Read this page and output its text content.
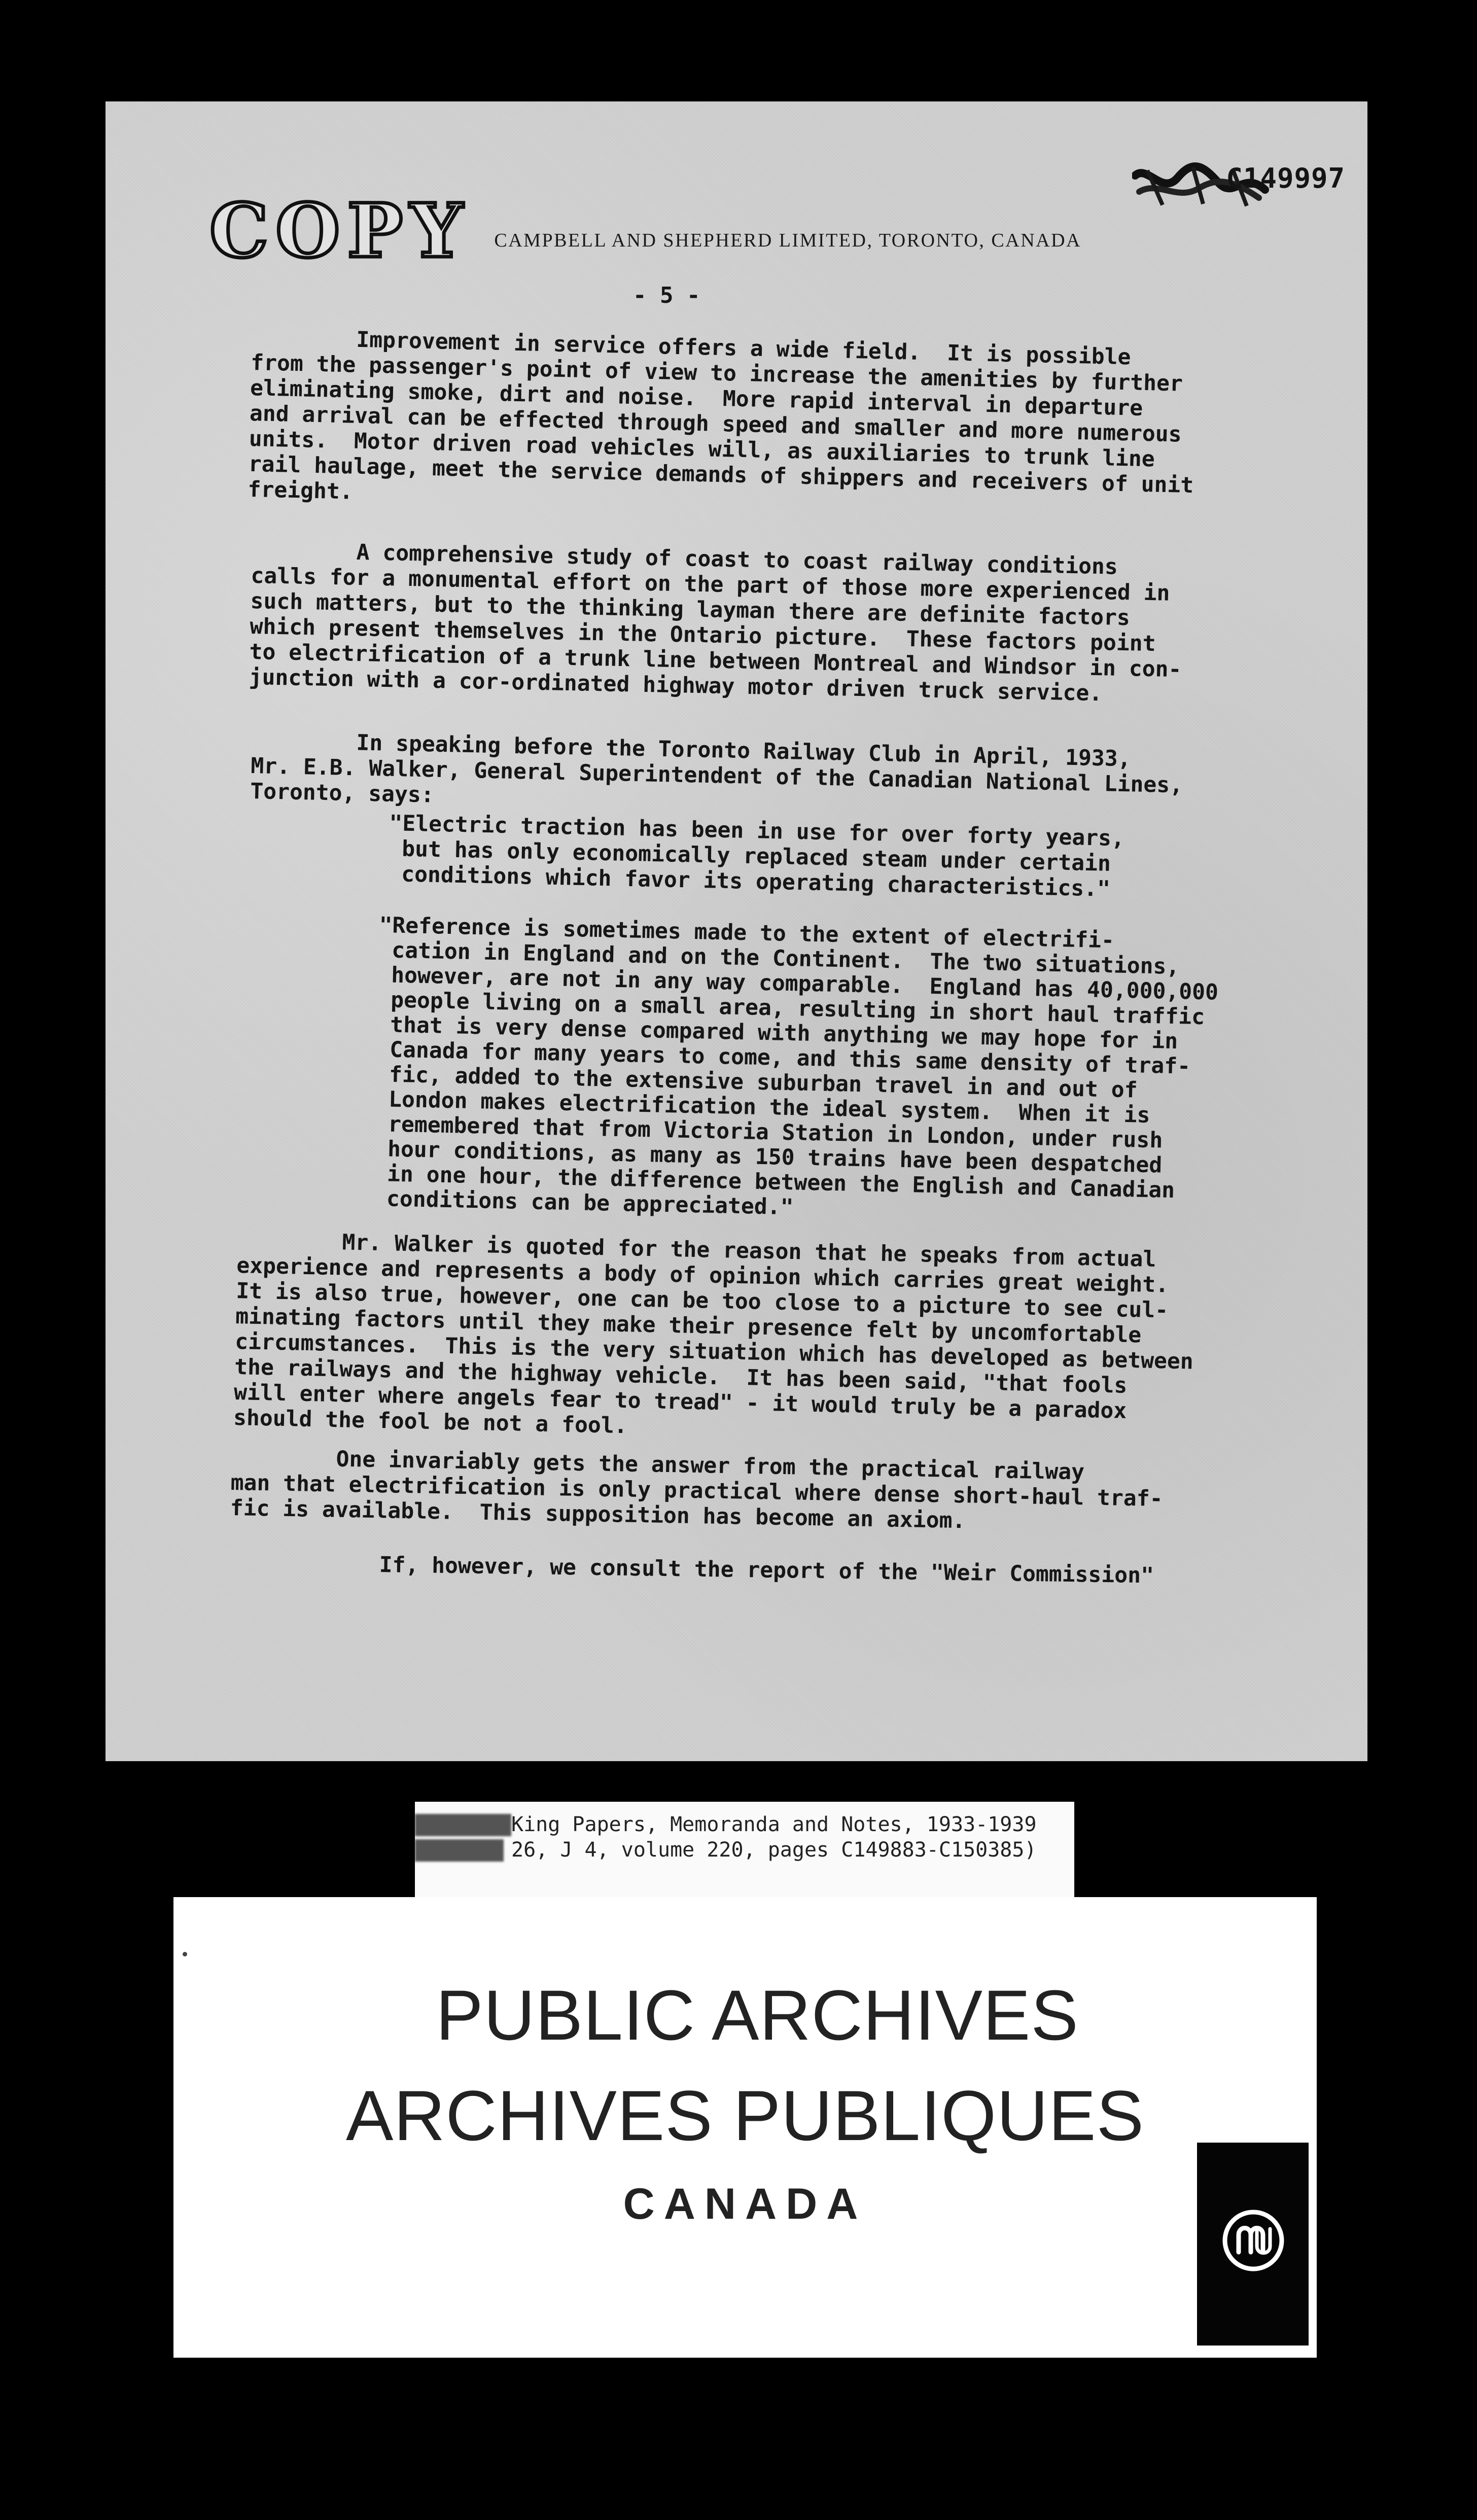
COPY CAMPBELL AND SHEPHERD LIMITED, TORONTO, CANADA
C149997
- 5 -

Improvement in service offers a wide field.  It is possible
from the passenger's point of view to increase the amenities by further
eliminating smoke, dirt and noise.  More rapid interval in departure
and arrival can be effected through speed and smaller and more numerous
units.  Motor driven road vehicles will, as auxiliaries to trunk line
rail haulage, meet the service demands of shippers and receivers of unit
freight.

A comprehensive study of coast to coast railway conditions
calls for a monumental effort on the part of those more experienced in
such matters, but to the thinking layman there are definite factors
which present themselves in the Ontario picture.  These factors point
to electrification of a trunk line between Montreal and Windsor in con-
junction with a cor-ordinated highway motor driven truck service.

In speaking before the Toronto Railway Club in April, 1933,
Mr. E.B. Walker, General Superintendent of the Canadian National Lines,
Toronto, says:

"Electric traction has been in use for over forty years,
but has only economically replaced steam under certain
conditions which favor its operating characteristics."

"Reference is sometimes made to the extent of electrifi-
cation in England and on the Continent.  The two situations,
however, are not in any way comparable.  England has 40,000,000
people living on a small area, resulting in short haul traffic
that is very dense compared with anything we may hope for in
Canada for many years to come, and this same density of traf-
fic, added to the extensive suburban travel in and out of
London makes electrification the ideal system.  When it is
remembered that from Victoria Station in London, under rush
hour conditions, as many as 150 trains have been despatched
in one hour, the difference between the English and Canadian
conditions can be appreciated."

Mr. Walker is quoted for the reason that he speaks from actual
experience and represents a body of opinion which carries great weight.
It is also true, however, one can be too close to a picture to see cul-
minating factors until they make their presence felt by uncomfortable
circumstances.  This is the very situation which has developed as between
the railways and the highway vehicle.  It has been said, "that fools
will enter where angels fear to tread" - it would truly be a paradox
should the fool be not a fool.

One invariably gets the answer from the practical railway
man that electrification is only practical where dense short-haul traf-
fic is available.  This supposition has become an axiom.

If, however, we consult the report of the "Weir Commission"

King Papers, Memoranda and Notes, 1933-1939
26, J 4, volume 220, pages C149883-C150385)
PUBLIC ARCHIVES
ARCHIVES PUBLIQUES
CANADA
